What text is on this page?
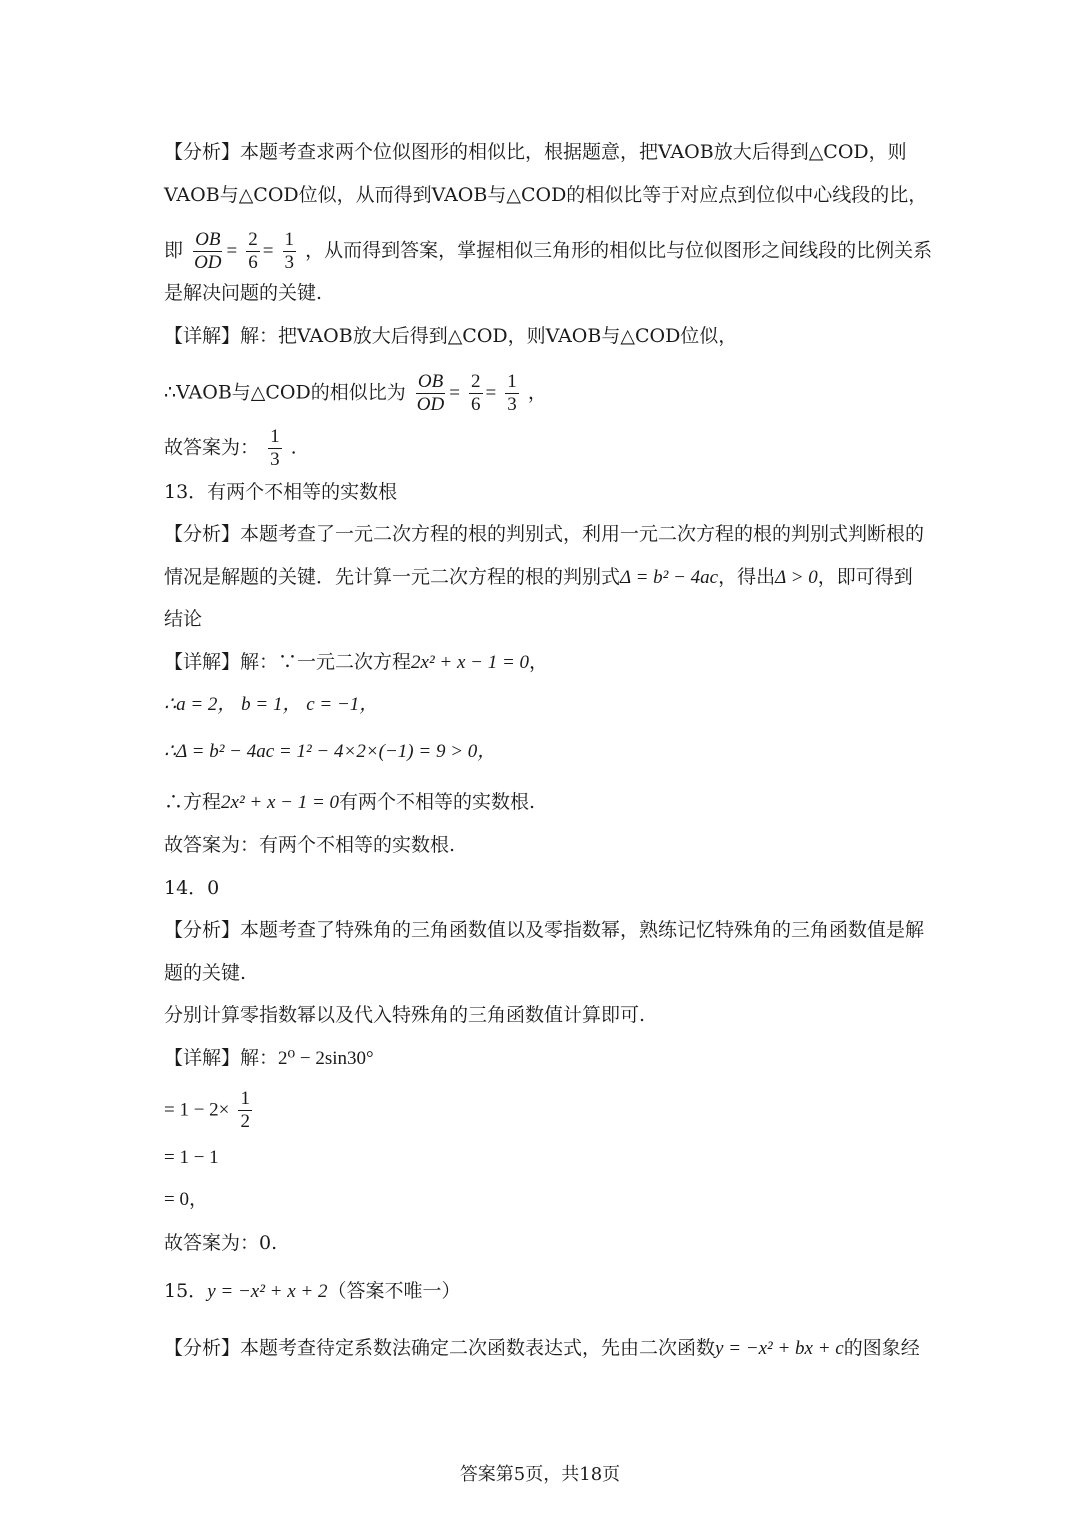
【分析】本题考查求两个位似图形的相似比，根据题意，把VAOB放大后得到△COD，则
VAOB与△COD位似，从而得到VAOB与△COD的相似比等于对应点到位似中心线段的比，
即 $\frac{OB}{OD} = \frac{2}{6} = \frac{1}{3}$ ，从而得到答案，掌握相似三角形的相似比与位似图形之间线段的比例关系
是解决问题的关键.
【详解】解：把VAOB放大后得到△COD，则VAOB与△COD位似，
∴VAOB与△COD的相似比为 $\frac{OB}{OD} = \frac{2}{6} = \frac{1}{3}$ ，
故答案为： $\frac{1}{3}$ .
13．有两个不相等的实数根
【分析】本题考查了一元二次方程的根的判别式，利用一元二次方程的根的判别式判断根的
情况是解题的关键．先计算一元二次方程的根的判别式Δ = b² − 4ac，得出Δ > 0，即可得到
结论
【详解】解：∵一元二次方程2x² + x − 1 = 0，
∴a = 2， b = 1， c = −1，
∴Δ = b² − 4ac = 1² − 4×2×(−1) = 9 > 0，
∴方程2x² + x − 1 = 0有两个不相等的实数根.
故答案为：有两个不相等的实数根.
14．0
【分析】本题考查了特殊角的三角函数值以及零指数幂，熟练记忆特殊角的三角函数值是解
题的关键.
分别计算零指数幂以及代入特殊角的三角函数值计算即可.
【详解】解：2⁰ − 2sin30°
= $1 - 2\times \frac{1}{2}$
= 1 − 1
= 0，
故答案为：0.
15．y = −x² + x + 2（答案不唯一）
【分析】本题考查待定系数法确定二次函数表达式，先由二次函数y = −x² + bx + c的图象经
答案第5页，共18页
